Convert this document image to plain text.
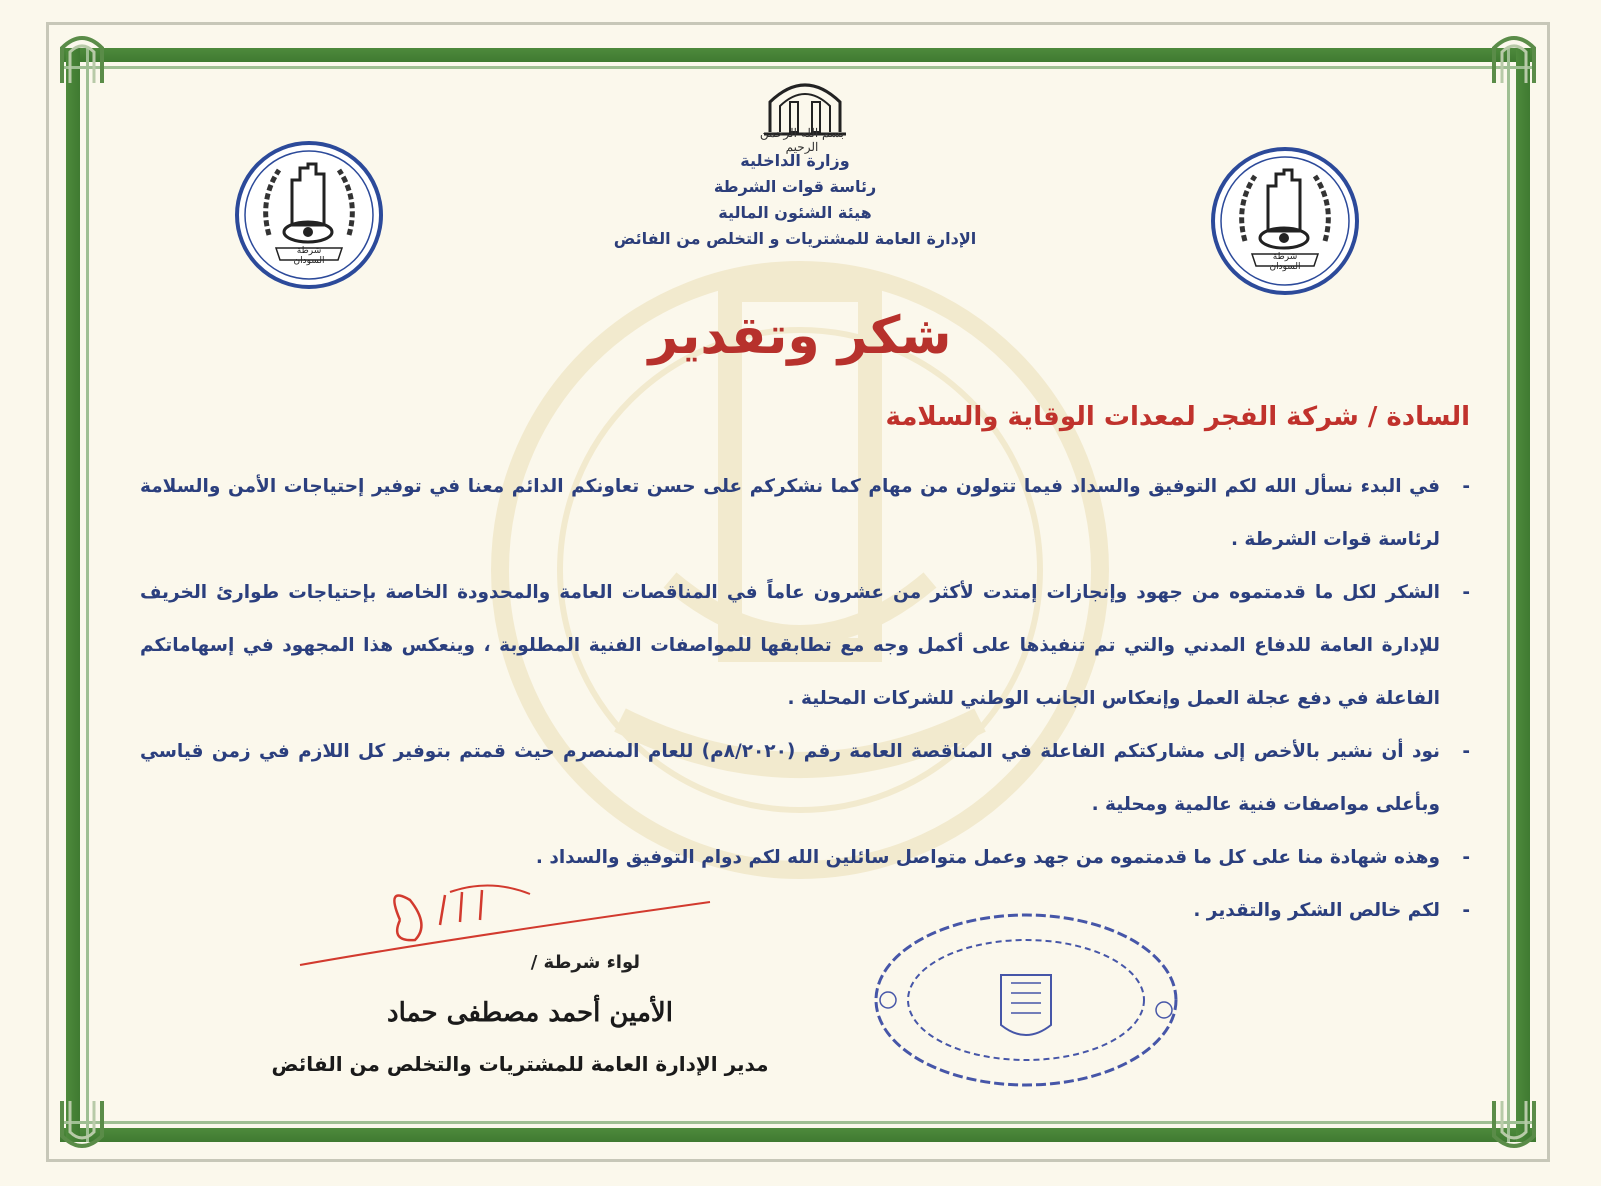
بسم الله الرحمن الرحيم
وزارة الداخلية
رئاسة قوات الشرطة
هيئة الشئون المالية
الإدارة العامة للمشتريات و التخلص من الفائض
شرطة السودان	شرطة السودان
شكر وتقدير
السادة / شركة الفجر لمعدات الوقاية والسلامة
-
في البدء نسأل الله لكم التوفيق والسداد فيما تتولون من مهام كما نشكركم على حسن تعاونكم الدائم معنا في توفير إحتياجات الأمن والسلامة لرئاسة قوات الشرطة .
-
الشكر لكل ما قدمتموه من جهود وإنجازات إمتدت لأكثر من عشرون عاماً في المناقصات العامة والمحدودة الخاصة بإحتياجات طوارئ الخريف للإدارة العامة للدفاع المدني والتي تم تنفيذها على أكمل وجه مع تطابقها للمواصفات الفنية المطلوبة ، وينعكس هذا المجهود في إسهاماتكم الفاعلة في دفع عجلة العمل وإنعكاس الجانب الوطني للشركات المحلية .
-
نود أن نشير بالأخص إلى مشاركتكم الفاعلة في المناقصة العامة رقم (٨/٢٠٢٠م) للعام المنصرم حيث قمتم بتوفير كل اللازم في زمن قياسي وبأعلى مواصفات فنية عالمية ومحلية .
-
وهذه شهادة منا على كل ما قدمتموه من جهد وعمل متواصل سائلين الله لكم دوام التوفيق والسداد .
-
لكم خالص الشكر والتقدير .
لواء شرطة /
الأمين أحمد مصطفى حماد
مدير الإدارة العامة للمشتريات والتخلص من الفائض
